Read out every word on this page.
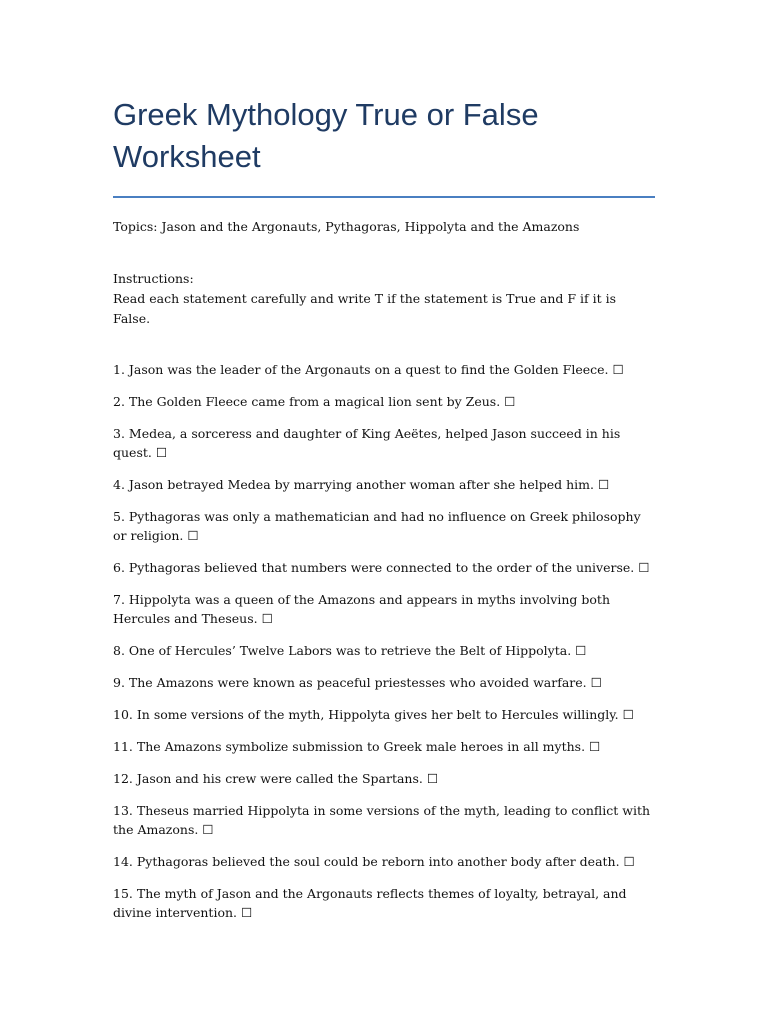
Greek Mythology True or False Worksheet
Topics: Jason and the Argonauts, Pythagoras, Hippolyta and the Amazons
Instructions:
Read each statement carefully and write T if the statement is True and F if it is False.

1. Jason was the leader of the Argonauts on a quest to find the Golden Fleece. ☐

2. The Golden Fleece came from a magical lion sent by Zeus. ☐

3. Medea, a sorceress and daughter of King Aeëtes, helped Jason succeed in his quest. ☐

4. Jason betrayed Medea by marrying another woman after she helped him. ☐

5. Pythagoras was only a mathematician and had no influence on Greek philosophy or religion. ☐

6. Pythagoras believed that numbers were connected to the order of the universe. ☐

7. Hippolyta was a queen of the Amazons and appears in myths involving both Hercules and Theseus. ☐

8. One of Hercules’ Twelve Labors was to retrieve the Belt of Hippolyta. ☐

9. The Amazons were known as peaceful priestesses who avoided warfare. ☐

10. In some versions of the myth, Hippolyta gives her belt to Hercules willingly. ☐

11. The Amazons symbolize submission to Greek male heroes in all myths. ☐

12. Jason and his crew were called the Spartans. ☐

13. Theseus married Hippolyta in some versions of the myth, leading to conflict with the Amazons. ☐

14. Pythagoras believed the soul could be reborn into another body after death. ☐

15. The myth of Jason and the Argonauts reflects themes of loyalty, betrayal, and divine intervention. ☐
